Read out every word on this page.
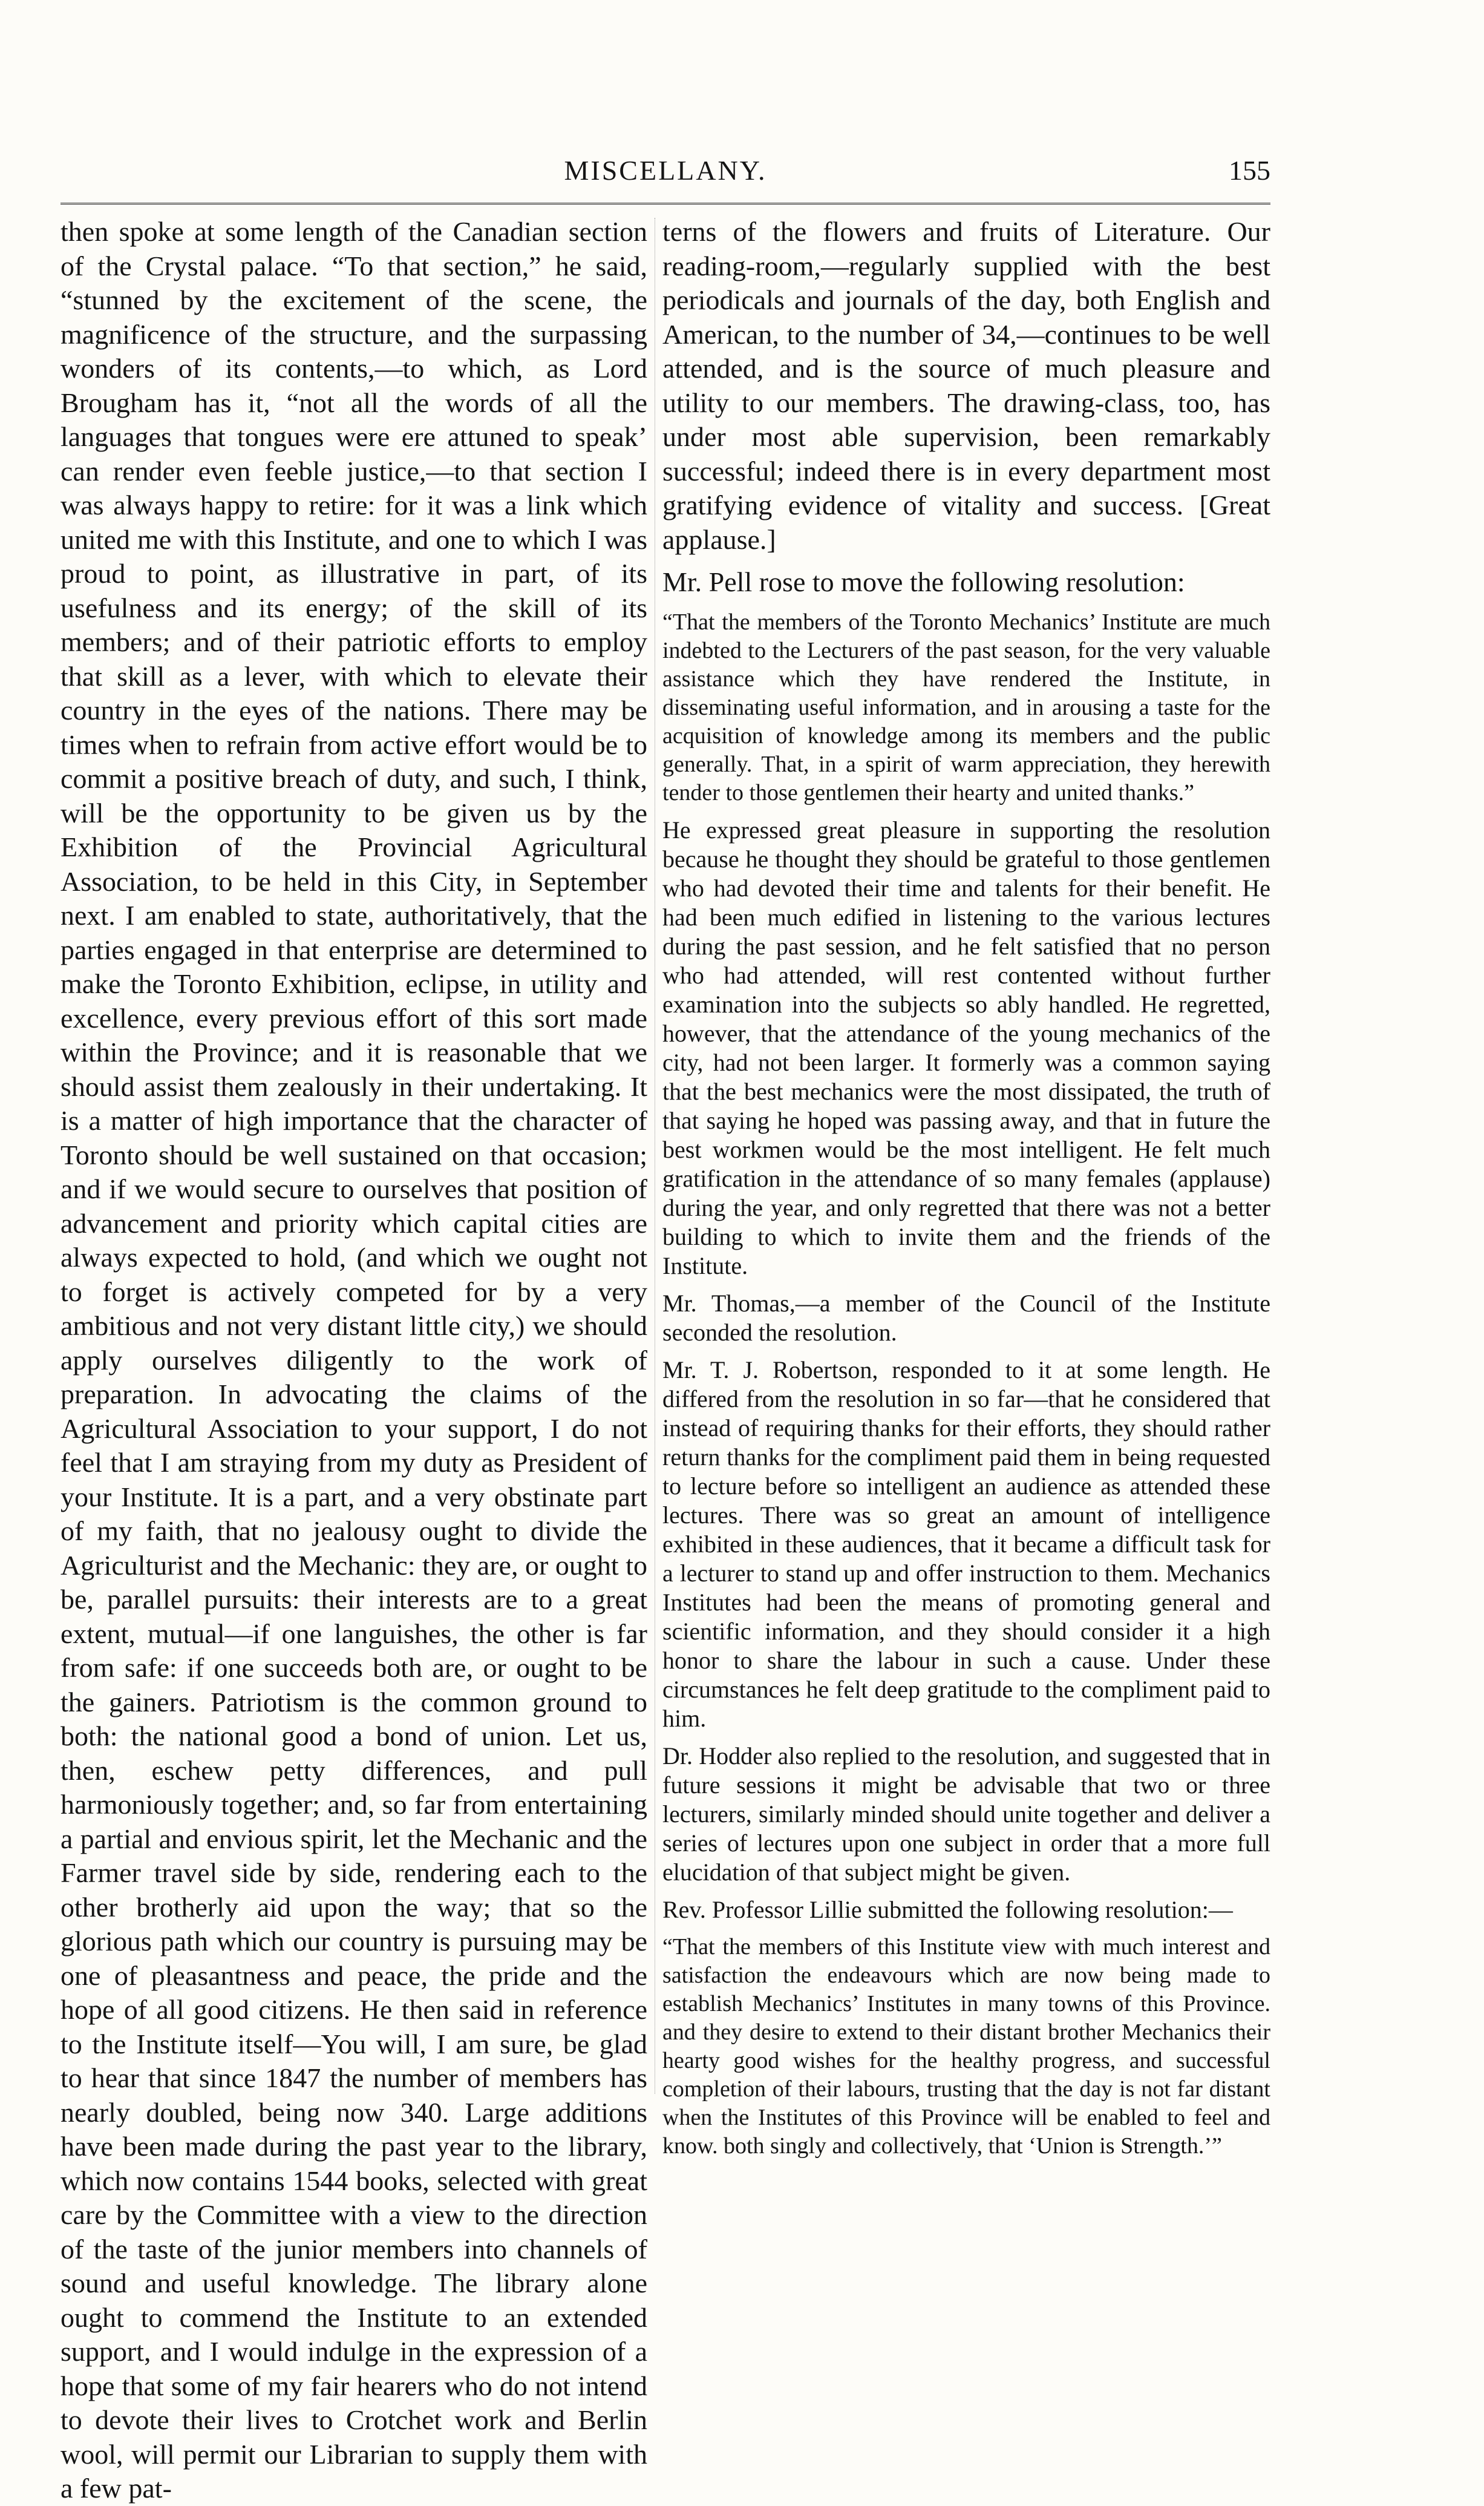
MISCELLANY.	155

then spoke at some length of the Canadian section of the Crystal palace. “To that section,” he said, “stunned by the excitement of the scene, the magnificence of the structure, and the surpassing wonders of its contents,—to which, as Lord Brougham has it, “not all the words of all the languages that tongues were ere attuned to speak’ can render even feeble justice,—to that section I was always happy to retire: for it was a link which united me with this Institute, and one to which I was proud to point, as illustrative in part, of its usefulness and its energy; of the skill of its members; and of their patriotic efforts to employ that skill as a lever, with which to elevate their country in the eyes of the nations. There may be times when to refrain from active effort would be to commit a positive breach of duty, and such, I think, will be the opportunity to be given us by the Exhibition of the Provincial Agricultural Association, to be held in this City, in September next. I am enabled to state, authoritatively, that the parties engaged in that enterprise are determined to make the Toronto Exhibition, eclipse, in utility and excellence, every previous effort of this sort made within the Province; and it is reasonable that we should assist them zealously in their undertaking. It is a matter of high importance that the character of Toronto should be well sustained on that occasion; and if we would secure to ourselves that position of advancement and priority which capital cities are always expected to hold, (and which we ought not to forget is actively competed for by a very ambitious and not very distant little city,) we should apply ourselves diligently to the work of preparation. In advocating the claims of the Agricultural Association to your support, I do not feel that I am straying from my duty as President of your Institute. It is a part, and a very obstinate part of my faith, that no jealousy ought to divide the Agriculturist and the Mechanic: they are, or ought to be, parallel pursuits: their interests are to a great extent, mutual—if one languishes, the other is far from safe: if one succeeds both are, or ought to be the gainers. Patriotism is the common ground to both: the national good a bond of union. Let us, then, eschew petty differences, and pull harmoniously together; and, so far from entertaining a partial and envious spirit, let the Mechanic and the Farmer travel side by side, rendering each to the other brotherly aid upon the way; that so the glorious path which our country is pursuing may be one of pleasantness and peace, the pride and the hope of all good citizens. He then said in reference to the Institute itself—You will, I am sure, be glad to hear that since 1847 the number of members has nearly doubled, being now 340. Large additions have been made during the past year to the library, which now contains 1544 books, selected with great care by the Committee with a view to the direction of the taste of the junior members into channels of sound and useful knowledge. The library alone ought to commend the Institute to an extended support, and I would indulge in the expression of a hope that some of my fair hearers who do not intend to devote their lives to Crotchet work and Berlin wool, will permit our Librarian to supply them with a few pat-

terns of the flowers and fruits of Literature. Our reading-room,—regularly supplied with the best periodicals and journals of the day, both English and American, to the number of 34,—continues to be well attended, and is the source of much pleasure and utility to our members. The drawing-class, too, has under most able supervision, been remarkably successful; indeed there is in every department most gratifying evidence of vitality and success. [Great applause.]

Mr. Pell rose to move the following resolution:

“That the members of the Toronto Mechanics’ Institute are much indebted to the Lecturers of the past season, for the very valuable assistance which they have rendered the Institute, in disseminating useful information, and in arousing a taste for the acquisition of knowledge among its members and the public generally. That, in a spirit of warm appreciation, they herewith tender to those gentlemen their hearty and united thanks.”

He expressed great pleasure in supporting the resolution because he thought they should be grateful to those gentlemen who had devoted their time and talents for their benefit. He had been much edified in listening to the various lectures during the past session, and he felt satisfied that no person who had attended, will rest contented without further examination into the subjects so ably handled. He regretted, however, that the attendance of the young mechanics of the city, had not been larger. It formerly was a common saying that the best mechanics were the most dissipated, the truth of that saying he hoped was passing away, and that in future the best workmen would be the most intelligent. He felt much gratification in the attendance of so many females (applause) during the year, and only regretted that there was not a better building to which to invite them and the friends of the Institute.

Mr. Thomas,—a member of the Council of the Institute seconded the resolution.

Mr. T. J. Robertson, responded to it at some length. He differed from the resolution in so far—that he considered that instead of requiring thanks for their efforts, they should rather return thanks for the compliment paid them in being requested to lecture before so intelligent an audience as attended these lectures. There was so great an amount of intelligence exhibited in these audiences, that it became a difficult task for a lecturer to stand up and offer instruction to them. Mechanics Institutes had been the means of promoting general and scientific information, and they should consider it a high honor to share the labour in such a cause. Under these circumstances he felt deep gratitude to the compliment paid to him.

Dr. Hodder also replied to the resolution, and suggested that in future sessions it might be advisable that two or three lecturers, similarly minded should unite together and deliver a series of lectures upon one subject in order that a more full elucidation of that subject might be given.

Rev. Professor Lillie submitted the following resolution:—

“That the members of this Institute view with much interest and satisfaction the endeavours which are now being made to establish Mechanics’ Institutes in many towns of this Province. and they desire to extend to their distant brother Mechanics their hearty good wishes for the healthy progress, and successful completion of their labours, trusting that the day is not far distant when the Institutes of this Province will be enabled to feel and know. both singly and collectively, that ‘Union is Strength.’”
